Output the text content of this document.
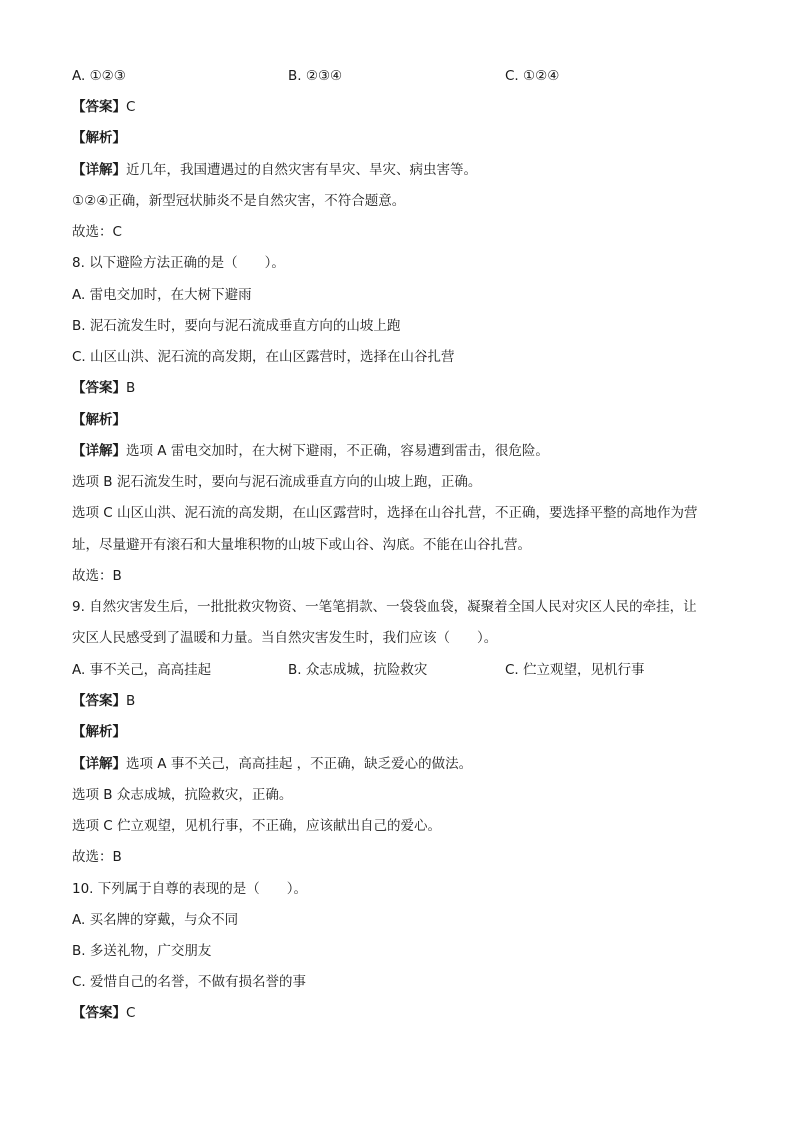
A. ①②③	B. ②③④	C. ①②④
【答案】C
【解析】
【详解】近几年，我国遭遇过的自然灾害有旱灾、旱灾、病虫害等。
①②④正确，新型冠状肺炎不是自然灾害，不符合题意。
故选：C
8. 以下避险方法正确的是（　　）。
A. 雷电交加时，在大树下避雨
B. 泥石流发生时，要向与泥石流成垂直方向的山坡上跑
C. 山区山洪、泥石流的高发期，在山区露营时，选择在山谷扎营
【答案】B
【解析】
【详解】选项 A 雷电交加时，在大树下避雨，不正确，容易遭到雷击，很危险。
选项 B 泥石流发生时，要向与泥石流成垂直方向的山坡上跑，正确。
选项 C 山区山洪、泥石流的高发期，在山区露营时，选择在山谷扎营，不正确，要选择平整的高地作为营
址，尽量避开有滚石和大量堆积物的山坡下或山谷、沟底。不能在山谷扎营。
故选：B
9. 自然灾害发生后，一批批救灾物资、一笔笔捐款、一袋袋血袋，凝聚着全国人民对灾区人民的牵挂，让
灾区人民感受到了温暖和力量。当自然灾害发生时，我们应该（　　）。
A. 事不关己，高高挂起	B. 众志成城，抗险救灾	C. 伫立观望，见机行事
【答案】B
【解析】
【详解】选项 A 事不关己，高高挂起 ，不正确，缺乏爱心的做法。
选项 B 众志成城，抗险救灾，正确。
选项 C 伫立观望，见机行事，不正确，应该献出自己的爱心。
故选：B
10. 下列属于自尊的表现的是（　　）。
A. 买名牌的穿戴，与众不同
B. 多送礼物，广交朋友
C. 爱惜自己的名誉，不做有损名誉的事
【答案】C
